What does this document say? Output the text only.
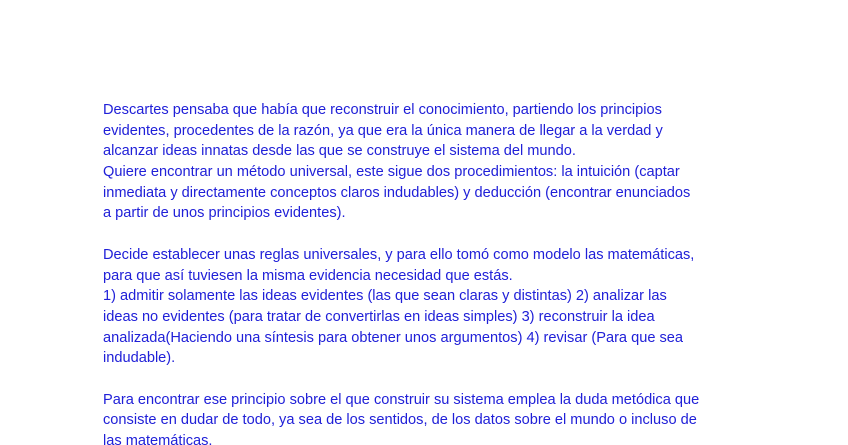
Descartes pensaba que había que reconstruir el conocimiento, partiendo los principios
evidentes, procedentes de la razón, ya que era la única manera de llegar a la verdad y
alcanzar ideas innatas desde las que se construye el sistema del mundo.
Quiere encontrar un método universal, este sigue dos procedimientos: la intuición (captar
inmediata y directamente conceptos claros indudables) y deducción (encontrar enunciados
a partir de unos principios evidentes).
Decide establecer unas reglas universales, y para ello tomó como modelo las matemáticas,
para que así tuviesen la misma evidencia necesidad que estás.
1) admitir solamente las ideas evidentes (las que sean claras y distintas) 2) analizar las
ideas no evidentes (para tratar de convertirlas en ideas simples) 3) reconstruir la idea
analizada(Haciendo una síntesis para obtener unos argumentos) 4) revisar (Para que sea
indudable).
Para encontrar ese principio sobre el que construir su sistema emplea la duda metódica que
consiste en dudar de todo, ya sea de los sentidos, de los datos sobre el mundo o incluso de
las matemáticas.
